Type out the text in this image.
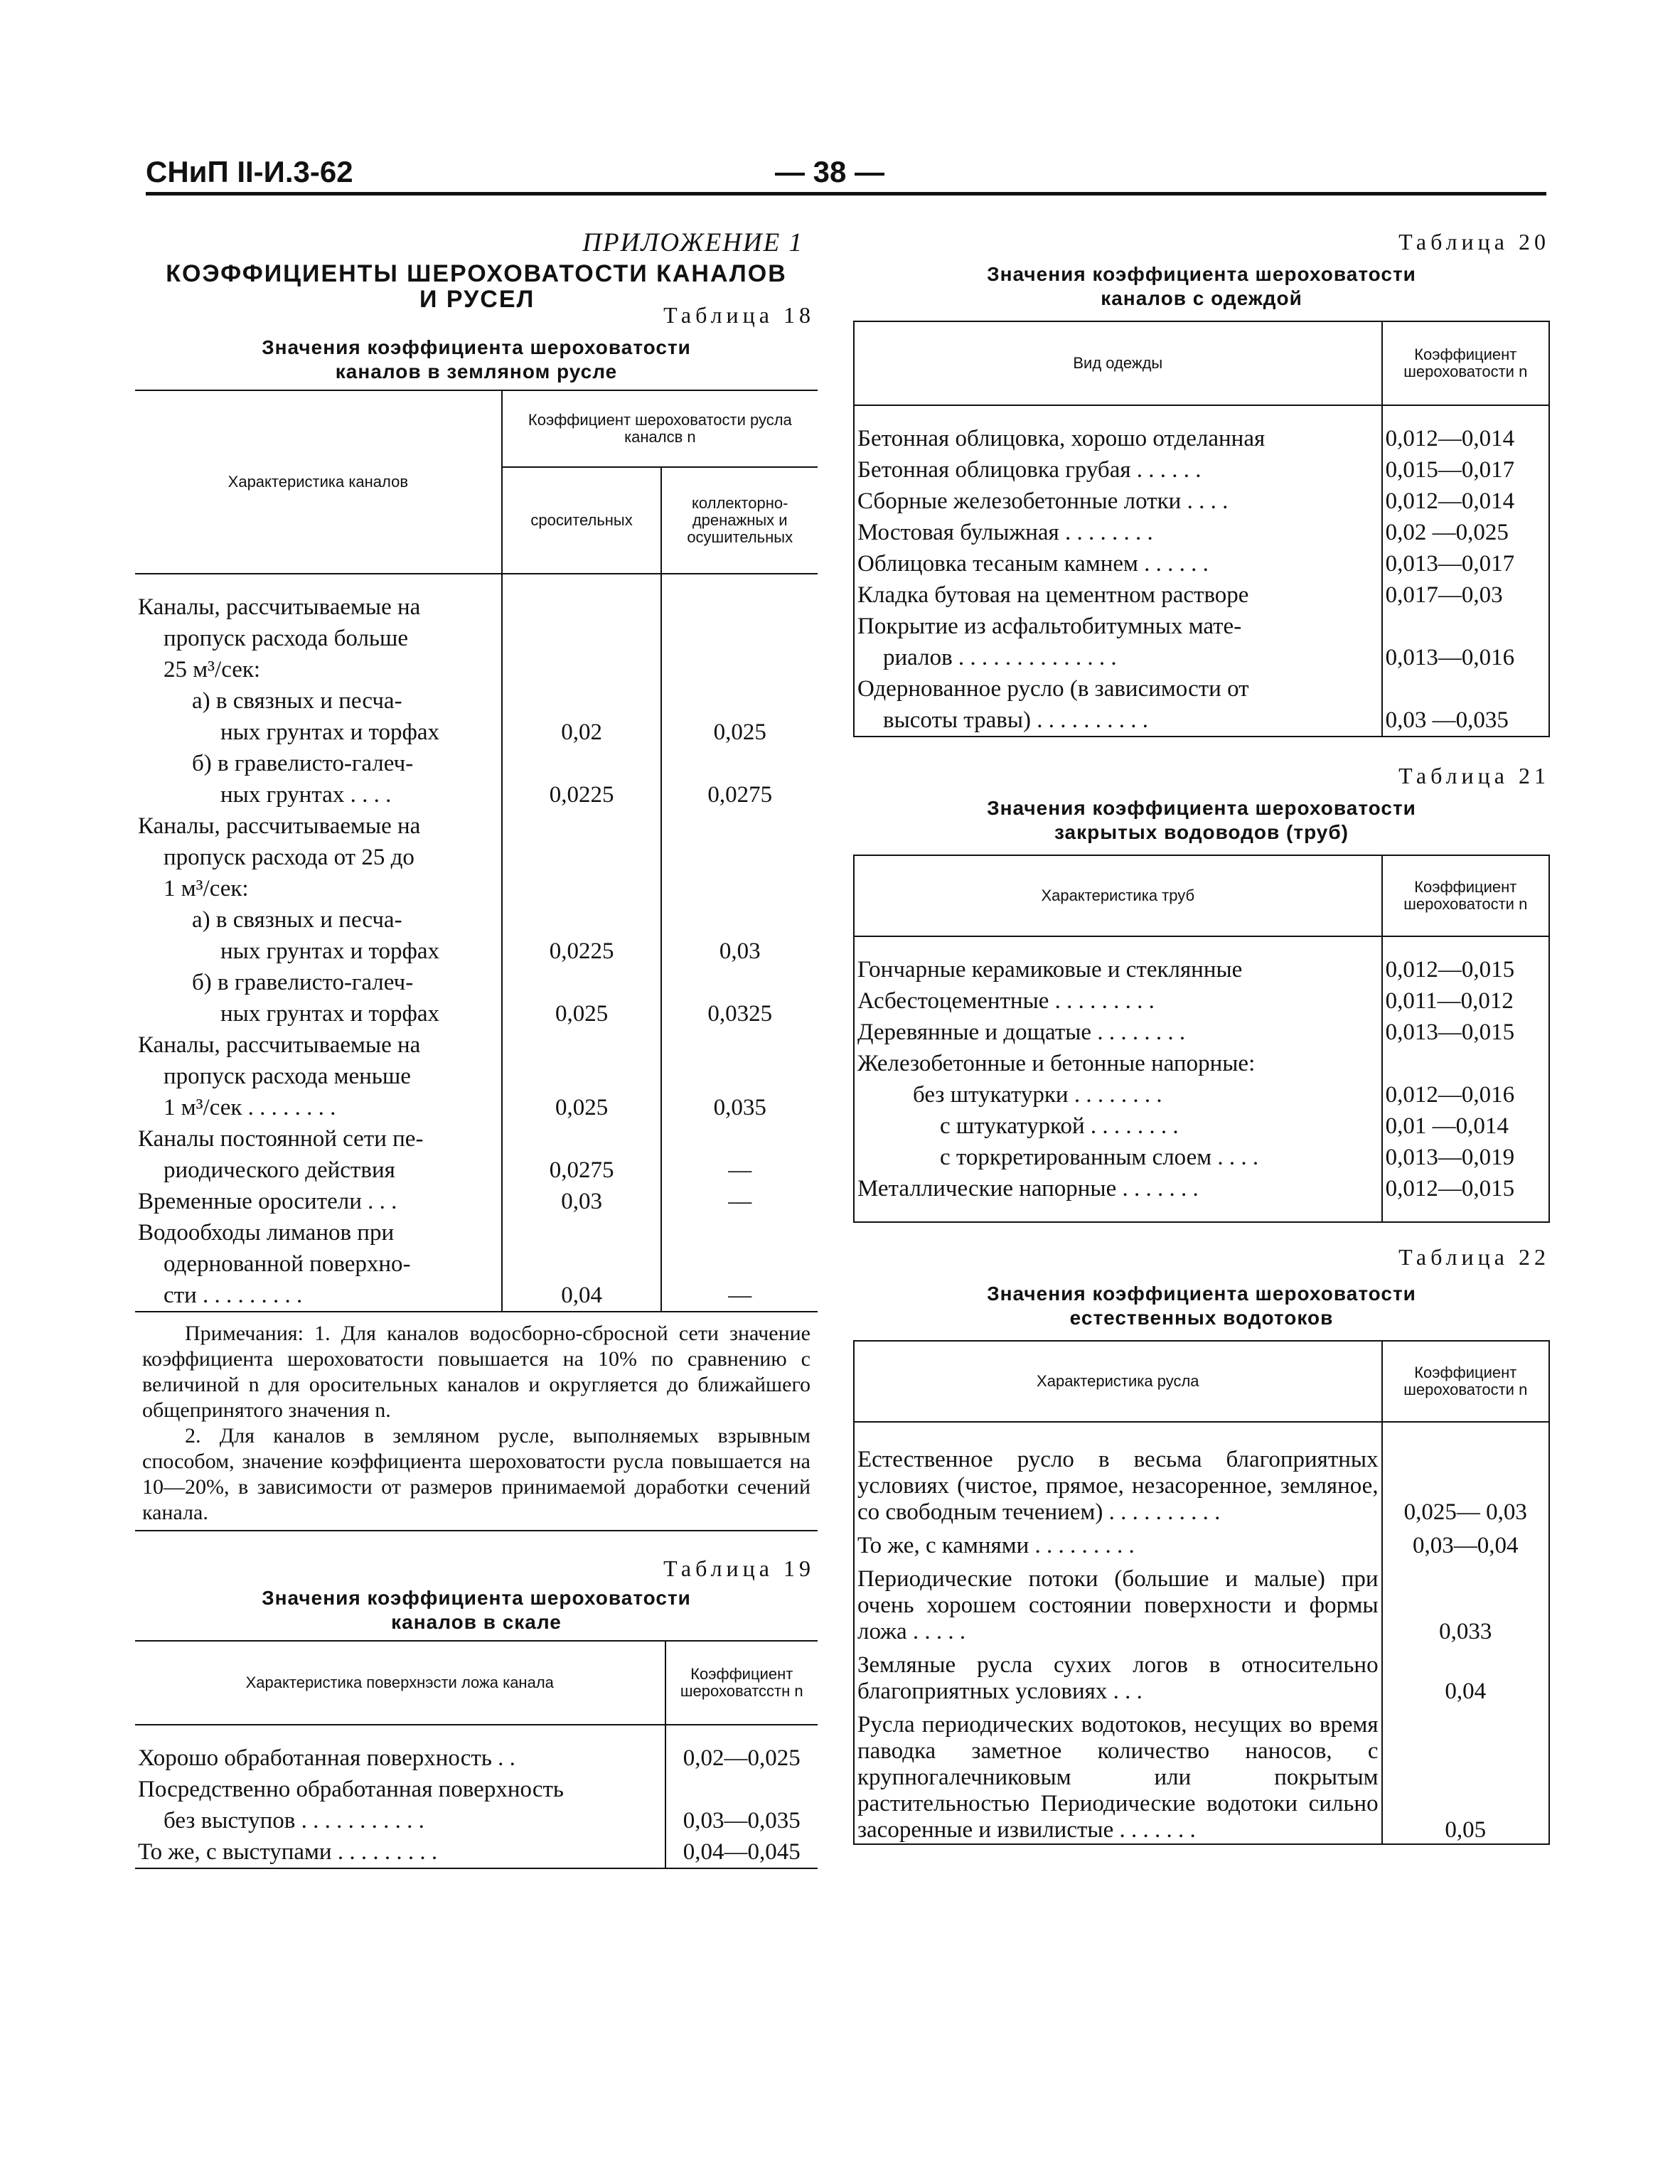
СНиП II-И.3-62	— 38 —
ПРИЛОЖЕНИЕ 1
КОЭФФИЦИЕНТЫ ШЕРОХОВАТОСТИ КАНАЛОВ
И РУСЕЛ
Таблица 18
Значения коэффициента шероховатости
каналов в земляном русле
Характеристика каналов	Коэффициент шероховатости русла каналсв n	
	сросительных	коллекторно-дренажных и осушительных

Каналы, рассчитываемые на		
пропуск расхода больше		
25 м³/сек:		
а) в связных и песча-		
ных грунтах и торфах	0,02	0,025
б) в гравелисто-галеч-		
ных грунтах . . . .	0,0225	0,0275
Каналы, рассчитываемые на		
пропуск расхода от 25 до		
1 м³/сек:		
а) в связных и песча-		
ных грунтах и торфах	0,0225	0,03
б) в гравелисто-галеч-		
ных грунтах и торфах	0,025	0,0325
Каналы, рассчитываемые на		
пропуск расхода меньше		
1 м³/сек . . . . . . . .	0,025	0,035
Каналы постоянной сети пе-		
риодического действия	0,0275	—
Временные оросители . . .	0,03	—
Водообходы лиманов при		
одернованной поверхно-		
сти . . . . . . . . .	0,04	—

Примечания: 1. Для каналов водосборно-сбросной сети значение коэффициента шероховатости повышается на 10% по сравнению с величиной n для оросительных каналов и округляется до ближайшего общепринятого значения n.

2. Для каналов в земляном русле, выполняемых взрывным способом, значение коэффициента шероховатости русла повышается на 10—20%, в зависимости от размеров принимаемой доработки сечений канала.

Таблица 19
Значения коэффициента шероховатости
каналов в скале
Характеристика поверхнэсти ложа канала	Коэффициент шероховатсстн n

Хорошо обработанная поверхность . .	0,02—0,025
Посредственно обработанная поверхность	
без выступов . . . . . . . . . . .	0,03—0,035
То же, с выступами . . . . . . . . .	0,04—0,045
Таблица 20
Значения коэффициента шероховатости
каналов с одеждой
Вид одежды	Коэффициент шероховатости n

Бетонная облицовка, хорошо отделанная	0,012—0,014
Бетонная облицовка грубая . . . . . .	0,015—0,017
Сборные железобетонные лотки . . . .	0,012—0,014
Мостовая булыжная . . . . . . . .	0,02 —0,025
Облицовка тесаным камнем . . . . . .	0,013—0,017
Кладка бутовая на цементном растворе	0,017—0,03
Покрытие из асфальтобитумных мате-	
риалов . . . . . . . . . . . . . .	0,013—0,016
Одернованное русло (в зависимости от	
высоты травы) . . . . . . . . . .	0,03 —0,035
Таблица 21
Значения коэффициента шероховатости
закрытых водоводов (труб)
Характеристика труб	Коэффициент шероховатости n

Гончарные керамиковые и стеклянные	0,012—0,015
Асбестоцементные . . . . . . . . .	0,011—0,012
Деревянные и дощатые . . . . . . . .	0,013—0,015
Железобетонные и бетонные напорные:	
без штукатурки . . . . . . . .	0,012—0,016
с штукатуркой . . . . . . . .	0,01 —0,014
с торкретированным слоем . . . .	0,013—0,019
Металлические напорные . . . . . . .	0,012—0,015

Таблица 22
Значения коэффициента шероховатости
естественных водотоков
Характеристика русла	Коэффициент шероховатости n

Естественное русло в весьма благоприятных условиях (чистое, прямое, незасоренное, земляное, со свободным течением) . . . . . . . . . .	0,025— 0,03
То же, с камнями . . . . . . . . .	0,03—0,04
Периодические потоки (большие и малые) при очень хорошем состоянии поверхности и формы ложа . . . . .	0,033
Земляные русла сухих логов в относительно благоприятных условиях . . .	0,04
Русла периодических водотоков, несущих во время паводка заметное количество наносов, с крупногалечниковым или покрытым растительностью Периодические водотоки сильно засоренные и извилистые . . . . . . .	0,05
